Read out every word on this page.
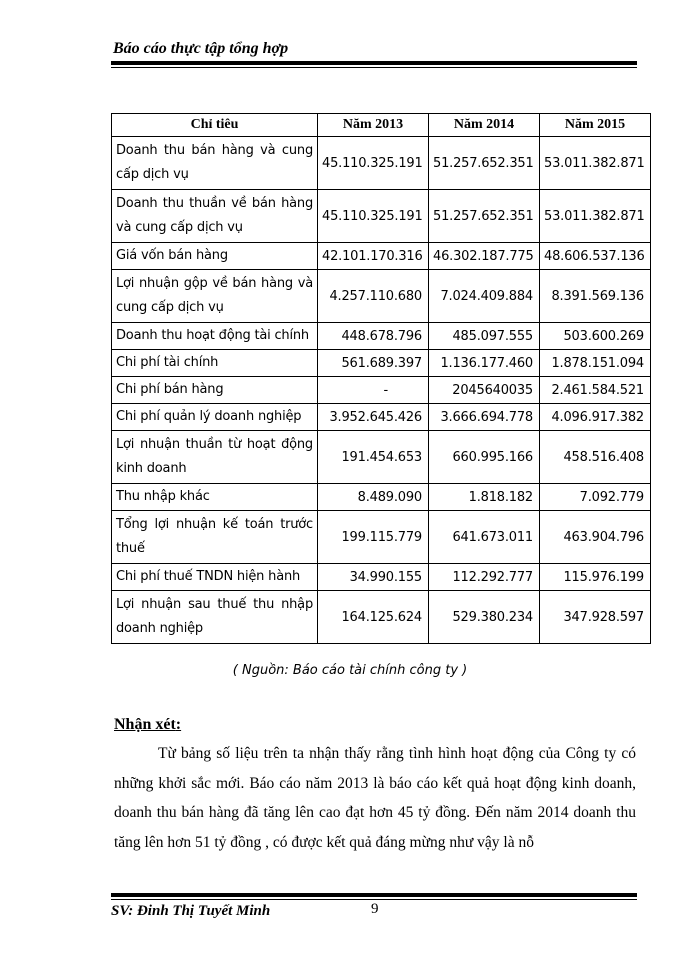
Báo cáo thực tập tổng hợp
Chỉ tiêu	Năm 2013	Năm 2014	Năm 2015
Doanh thu bán hàng và cung cấp dịch vụ	45.110.325.191	51.257.652.351	53.011.382.871
Doanh thu thuần về bán hàng và cung cấp dịch vụ	45.110.325.191	51.257.652.351	53.011.382.871
Giá vốn bán hàng	42.101.170.316	46.302.187.775	48.606.537.136
Lợi nhuận gộp về bán hàng và cung cấp dịch vụ	4.257.110.680	7.024.409.884	8.391.569.136
Doanh thu hoạt động tài chính	448.678.796	485.097.555	503.600.269
Chi phí tài chính	561.689.397	1.136.177.460	1.878.151.094
Chi phí bán hàng	-	2045640035	2.461.584.521
Chi phí quản lý doanh nghiệp	3.952.645.426	3.666.694.778	4.096.917.382
Lợi nhuận thuần từ hoạt động kinh doanh	191.454.653	660.995.166	458.516.408
Thu nhập khác	8.489.090	1.818.182	7.092.779
Tổng lợi nhuận kế toán trước thuế	199.115.779	641.673.011	463.904.796
Chi phí thuế TNDN hiện hành	34.990.155	112.292.777	115.976.199
Lợi nhuận sau thuế thu nhập doanh nghiệp	164.125.624	529.380.234	347.928.597
( Nguồn: Báo cáo tài chính công ty )
Nhận xét:

Từ bảng số liệu trên ta nhận thấy rằng tình hình hoạt động của Công ty có những khởi sắc mới. Báo cáo năm 2013 là báo cáo kết quả hoạt động kinh doanh, doanh thu bán hàng đã tăng lên cao đạt hơn 45 tỷ đồng. Đến năm 2014 doanh thu tăng lên hơn 51 tỷ đồng , có được kết quả đáng mừng như vậy là nỗ

SV: Đinh Thị Tuyết Minh	9
